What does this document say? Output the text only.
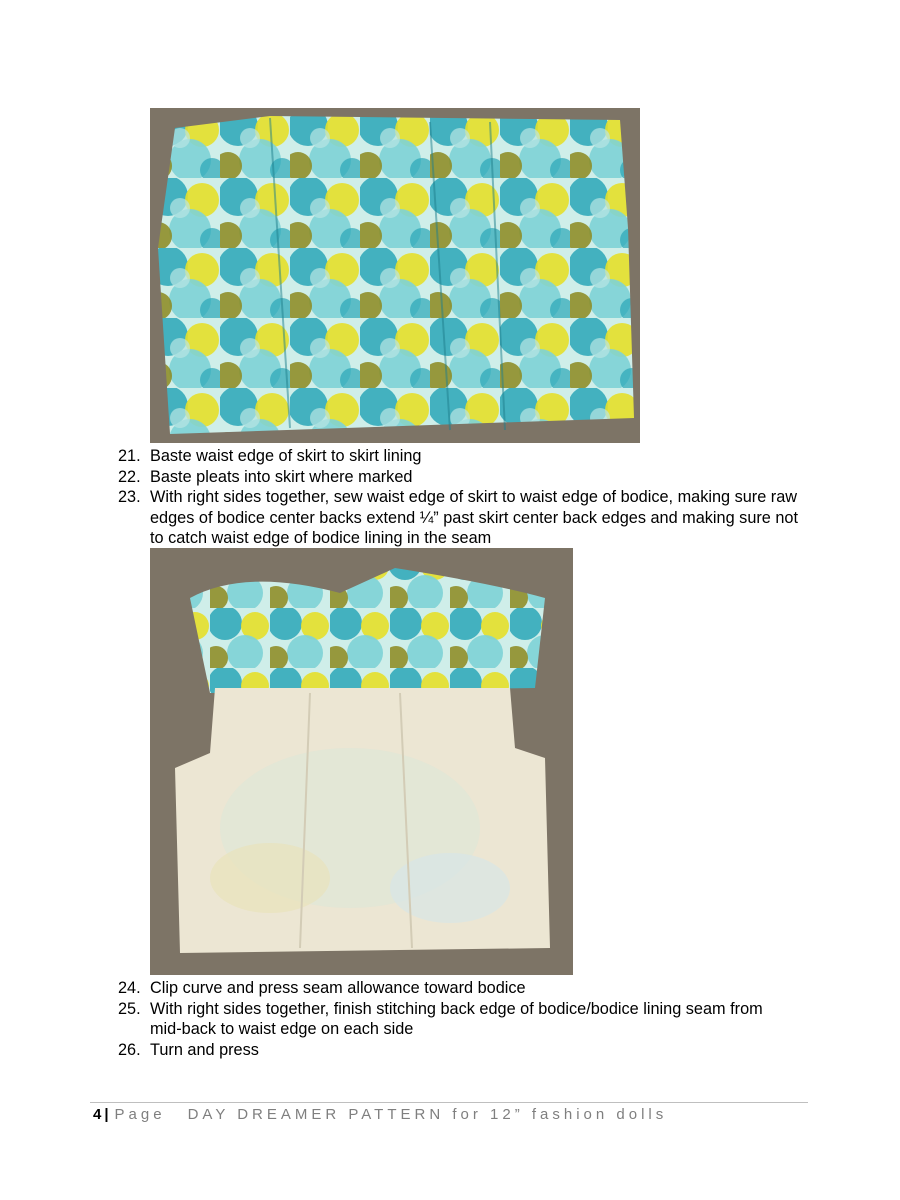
21. Baste waist edge of skirt to skirt lining
22. Baste pleats into skirt where marked
23. With right sides together, sew waist edge of skirt to waist edge of bodice, making sure raw edges of bodice center backs extend ¼” past skirt center back edges and making sure not to catch waist edge of bodice lining in the seam
24. Clip curve and press seam allowance toward bodice
25. With right sides together, finish stitching back edge of bodice/bodice lining seam from mid-back to waist edge on each side
26. Turn and press
4 | Page DAY DREAMER PATTERN for 12” fashion dolls
